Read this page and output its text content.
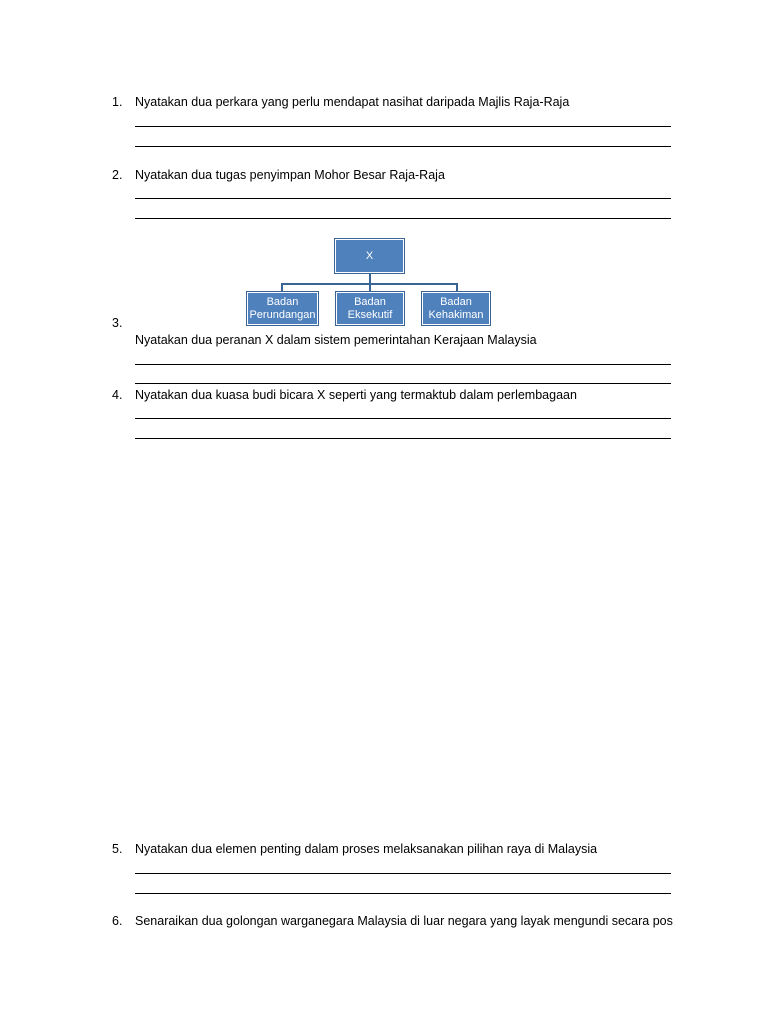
1. Nyatakan dua perkara yang perlu mendapat nasihat daripada Majlis Raja-Raja
2. Nyatakan dua tugas penyimpan Mohor Besar Raja-Raja
X
Badan
Perundangan
Badan
Eksekutif
Badan
Kehakiman
3.
Nyatakan dua peranan X dalam sistem pemerintahan Kerajaan Malaysia
4. Nyatakan dua kuasa budi bicara X seperti yang termaktub dalam perlembagaan
5. Nyatakan dua elemen penting dalam proses melaksanakan pilihan raya di Malaysia
6. Senaraikan dua golongan warganegara Malaysia di luar negara yang layak mengundi secara pos
